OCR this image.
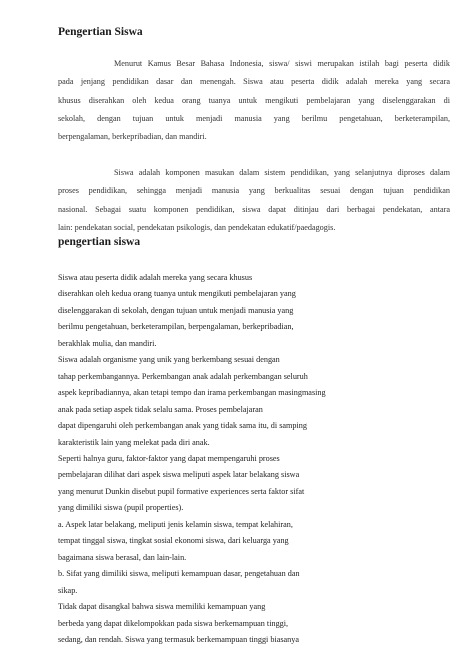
Pengertian Siswa
Menurut Kamus Besar Bahasa Indonesia, siswa/ siswi merupakan istilah bagi peserta didik
pada jenjang pendidikan dasar dan menengah. Siswa atau peserta didik adalah mereka yang secara
khusus diserahkan oleh kedua orang tuanya untuk mengikuti pembelajaran yang diselenggarakan di
sekolah, dengan tujuan untuk menjadi manusia yang berilmu pengetahuan, berketerampilan,
berpengalaman, berkepribadian, dan mandiri.
Siswa adalah komponen masukan dalam sistem pendidikan, yang selanjutnya diproses dalam
proses pendidikan, sehingga menjadi manusia yang berkualitas sesuai dengan tujuan pendidikan
nasional. Sebagai suatu komponen pendidikan, siswa dapat ditinjau dari berbagai pendekatan, antara
lain: pendekatan social, pendekatan psikologis, dan pendekatan edukatif/paedagogis.
pengertian siswa
Siswa atau peserta didik adalah mereka yang secara khusus
diserahkan oleh kedua orang tuanya untuk mengikuti pembelajaran yang
diselenggarakan di sekolah, dengan tujuan untuk menjadi manusia yang
berilmu pengetahuan, berketerampilan, berpengalaman, berkepribadian,
berakhlak mulia, dan mandiri.
Siswa adalah organisme yang unik yang berkembang sesuai dengan
tahap perkembangannya. Perkembangan anak adalah perkembangan seluruh
aspek kepribadiannya, akan tetapi tempo dan irama perkembangan masingmasing
anak pada setiap aspek tidak selalu sama. Proses pembelajaran
dapat dipengaruhi oleh perkembangan anak yang tidak sama itu, di samping
karakteristik lain yang melekat pada diri anak.
Seperti halnya guru, faktor-faktor yang dapat mempengaruhi proses
pembelajaran dilihat dari aspek siswa meliputi aspek latar belakang siswa
yang menurut Dunkin disebut pupil formative experiences serta faktor sifat
yang dimiliki siswa (pupil properties).
a. Aspek latar belakang, meliputi jenis kelamin siswa, tempat kelahiran,
tempat tinggal siswa, tingkat sosial ekonomi siswa, dari keluarga yang
bagaimana siswa berasal, dan lain-lain.
b. Sifat yang dimiliki siswa, meliputi kemampuan dasar, pengetahuan dan
sikap.
Tidak dapat disangkal bahwa siswa memiliki kemampuan yang
berbeda yang dapat dikelompokkan pada siswa berkemampuan tinggi,
sedang, dan rendah. Siswa yang termasuk berkemampuan tinggi biasanya
